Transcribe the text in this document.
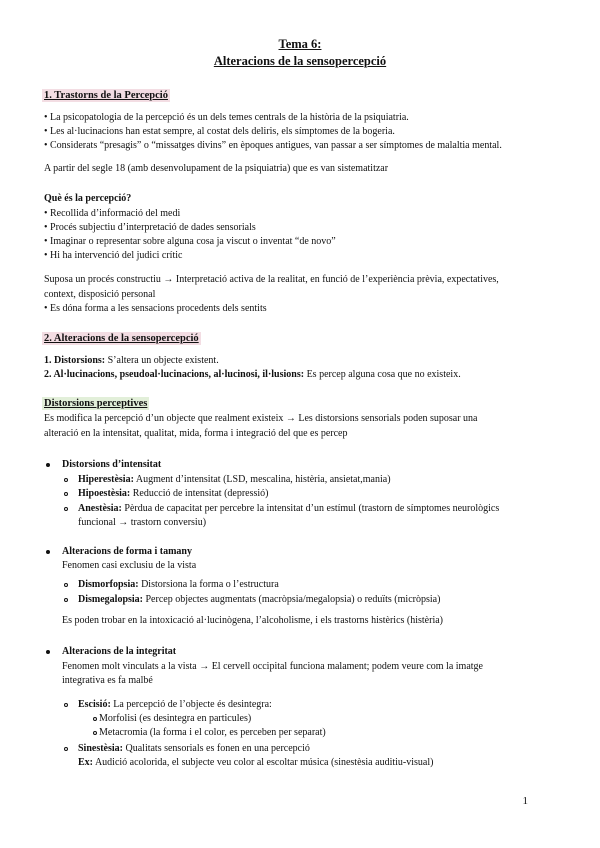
Tema 6:
Alteracions de la sensopercepció
1. Trastorns de la Percepció
• La psicopatologia de la percepció és un dels temes centrals de la història de la psiquiatria.
• Les al·lucinacions han estat sempre, al costat dels deliris, els símptomes de la bogeria.
• Considerats “presagis” o “missatges divins” en èpoques antigues, van passar a ser símptomes de malaltia mental.
A partir del segle 18 (amb desenvolupament de la psiquiatria) que es van sistematitzar
Què és la percepció?
• Recollida d’informació del medi
• Procés subjectiu d’interpretació de dades sensorials
• Imaginar o representar sobre alguna cosa ja viscut o inventat “de novo”
• Hi ha intervenció del judici crític
Suposa un procés constructiu → Interpretació activa de la realitat, en funció de l’experiència prèvia, expectatives,
context, disposició personal
• Es dóna forma a les sensacions procedents dels sentits
2. Alteracions de la sensopercepció
1. Distorsions: S’altera un objecte existent.
2. Al·lucinacions, pseudoal·lucinacions, al·lucinosi, il·lusions: Es percep alguna cosa que no existeix.
Distorsions perceptives
Es modifica la percepció d’un objecte que realment existeix → Les distorsions sensorials poden suposar una
alteració en la intensitat, qualitat, mida, forma i integració del que es percep
Distorsions d’intensitat
Hiperestèsia: Augment d’intensitat (LSD, mescalina, histèria, ansietat,mania)
Hipoestèsia: Reducció de intensitat (depressió)
Anestèsia: Pèrdua de capacitat per percebre la intensitat d’un estímul (trastorn de símptomes neurològics
funcional → trastorn conversiu)
Alteracions de forma i tamany
Fenomen casi exclusiu de la vista
Dismorfopsia: Distorsiona la forma o l’estructura
Dismegalopsia: Percep objectes augmentats (macròpsia/megalopsia) o reduïts (micròpsia)
Es poden trobar en la intoxicació al·lucinògena, l’alcoholisme, i els trastorns histèrics (histèria)
Alteracions de la integritat
Fenomen molt vinculats a la vista → El cervell occipital funciona malament; podem veure com la imatge
integrativa es fa malbé
Escisió: La percepció de l’objecte és desintegra:
Morfolisi (es desintegra en particules)
Metacromia (la forma i el color, es perceben per separat)
Sinestèsia: Qualitats sensorials es fonen en una percepció
Ex: Audició acolorida, el subjecte veu color al escoltar música (sinestèsia auditiu-visual)
1
